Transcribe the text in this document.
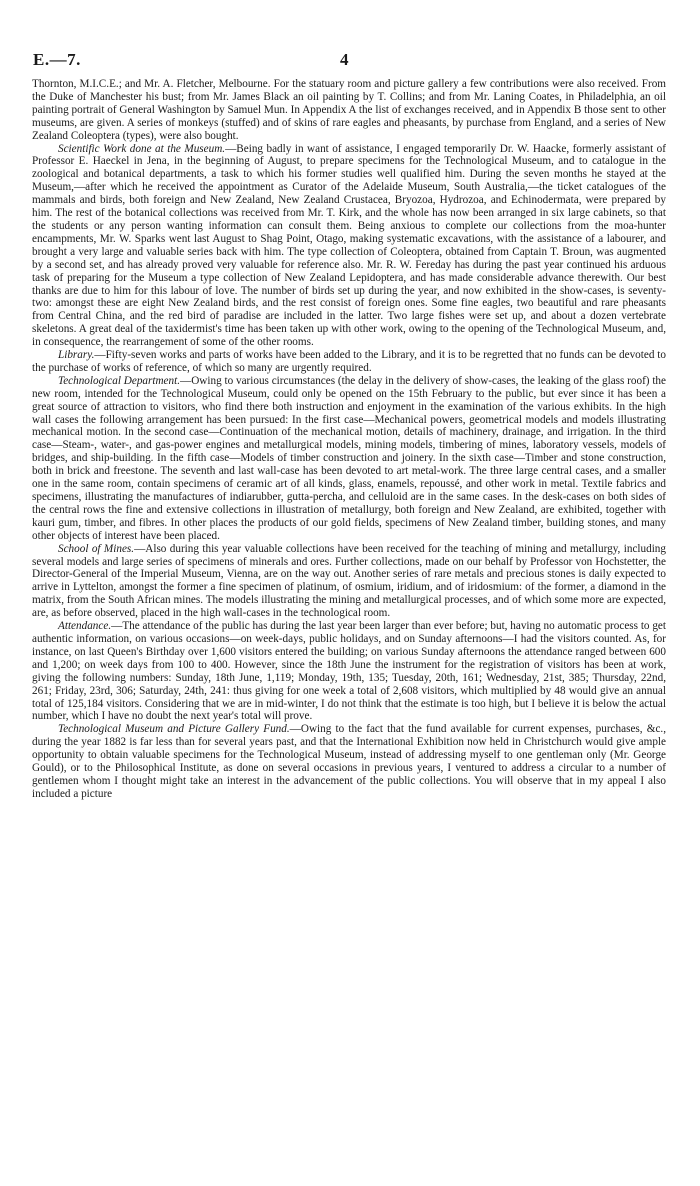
E.—7.	4

Thornton, M.I.C.E.; and Mr. A. Fletcher, Melbourne. For the statuary room and picture gallery a few contributions were also received. From the Duke of Manchester his bust; from Mr. James Black an oil painting by T. Collins; and from Mr. Laning Coates, in Philadelphia, an oil painting portrait of General Washington by Samuel Mun. In Appendix A the list of exchanges received, and in Appendix B those sent to other museums, are given. A series of monkeys (stuffed) and of skins of rare eagles and pheasants, by purchase from England, and a series of New Zealand Coleoptera (types), were also bought.

Scientific Work done at the Museum.—Being badly in want of assistance, I engaged temporarily Dr. W. Haacke, formerly assistant of Professor E. Haeckel in Jena, in the beginning of August, to prepare specimens for the Technological Museum, and to catalogue in the zoological and botanical departments, a task to which his former studies well qualified him. During the seven months he stayed at the Museum,—after which he received the appointment as Curator of the Adelaide Museum, South Australia,—the ticket catalogues of the mammals and birds, both foreign and New Zealand, New Zealand Crustacea, Bryozoa, Hydrozoa, and Echinodermata, were prepared by him. The rest of the botanical collections was received from Mr. T. Kirk, and the whole has now been arranged in six large cabinets, so that the students or any person wanting information can consult them. Being anxious to complete our collections from the moa-hunter encampments, Mr. W. Sparks went last August to Shag Point, Otago, making systematic excavations, with the assistance of a labourer, and brought a very large and valuable series back with him. The type collection of Coleoptera, obtained from Captain T. Broun, was augmented by a second set, and has already proved very valuable for reference also. Mr. R. W. Fereday has during the past year continued his arduous task of preparing for the Museum a type collection of New Zealand Lepidoptera, and has made considerable advance therewith. Our best thanks are due to him for this labour of love. The number of birds set up during the year, and now exhibited in the show-cases, is seventy-two: amongst these are eight New Zealand birds, and the rest consist of foreign ones. Some fine eagles, two beautiful and rare pheasants from Central China, and the red bird of paradise are included in the latter. Two large fishes were set up, and about a dozen vertebrate skeletons. A great deal of the taxidermist's time has been taken up with other work, owing to the opening of the Technological Museum, and, in consequence, the rearrangement of some of the other rooms.

Library.—Fifty-seven works and parts of works have been added to the Library, and it is to be regretted that no funds can be devoted to the purchase of works of reference, of which so many are urgently required.

Technological Department.—Owing to various circumstances (the delay in the delivery of show-cases, the leaking of the glass roof) the new room, intended for the Technological Museum, could only be opened on the 15th February to the public, but ever since it has been a great source of attraction to visitors, who find there both instruction and enjoyment in the examination of the various exhibits. In the high wall cases the following arrangement has been pursued: In the first case—Mechanical powers, geometrical models and models illustrating mechanical motion. In the second case—Continuation of the mechanical motion, details of machinery, drainage, and irrigation. In the third case—Steam-, water-, and gas-power engines and metallurgical models, mining models, timbering of mines, laboratory vessels, models of bridges, and ship-building. In the fifth case—Models of timber construction and joinery. In the sixth case—Timber and stone construction, both in brick and freestone. The seventh and last wall-case has been devoted to art metal-work. The three large central cases, and a smaller one in the same room, contain specimens of ceramic art of all kinds, glass, enamels, repoussé, and other work in metal. Textile fabrics and specimens, illustrating the manufactures of indiarubber, gutta-percha, and celluloid are in the same cases. In the desk-cases on both sides of the central rows the fine and extensive collections in illustration of metallurgy, both foreign and New Zealand, are exhibited, together with kauri gum, timber, and fibres. In other places the products of our gold fields, specimens of New Zealand timber, building stones, and many other objects of interest have been placed.

School of Mines.—Also during this year valuable collections have been received for the teaching of mining and metallurgy, including several models and large series of specimens of minerals and ores. Further collections, made on our behalf by Professor von Hochstetter, the Director-General of the Imperial Museum, Vienna, are on the way out. Another series of rare metals and precious stones is daily expected to arrive in Lyttelton, amongst the former a fine specimen of platinum, of osmium, iridium, and of iridosmium: of the former, a diamond in the matrix, from the South African mines. The models illustrating the mining and metallurgical processes, and of which some more are expected, are, as before observed, placed in the high wall-cases in the technological room.

Attendance.—The attendance of the public has during the last year been larger than ever before; but, having no automatic process to get authentic information, on various occasions—on week-days, public holidays, and on Sunday afternoons—I had the visitors counted. As, for instance, on last Queen's Birthday over 1,600 visitors entered the building; on various Sunday afternoons the attendance ranged between 600 and 1,200; on week days from 100 to 400. However, since the 18th June the instrument for the registration of visitors has been at work, giving the following numbers: Sunday, 18th June, 1,119; Monday, 19th, 135; Tuesday, 20th, 161; Wednesday, 21st, 385; Thursday, 22nd, 261; Friday, 23rd, 306; Saturday, 24th, 241: thus giving for one week a total of 2,608 visitors, which multiplied by 48 would give an annual total of 125,184 visitors. Considering that we are in mid-winter, I do not think that the estimate is too high, but I believe it is below the actual number, which I have no doubt the next year's total will prove.

Technological Museum and Picture Gallery Fund.—Owing to the fact that the fund available for current expenses, purchases, &c., during the year 1882 is far less than for several years past, and that the International Exhibition now held in Christchurch would give ample opportunity to obtain valuable specimens for the Technological Museum, instead of addressing myself to one gentleman only (Mr. George Gould), or to the Philosophical Institute, as done on several occasions in previous years, I ventured to address a circular to a number of gentlemen whom I thought might take an interest in the advancement of the public collections. You will observe that in my appeal I also included a picture
